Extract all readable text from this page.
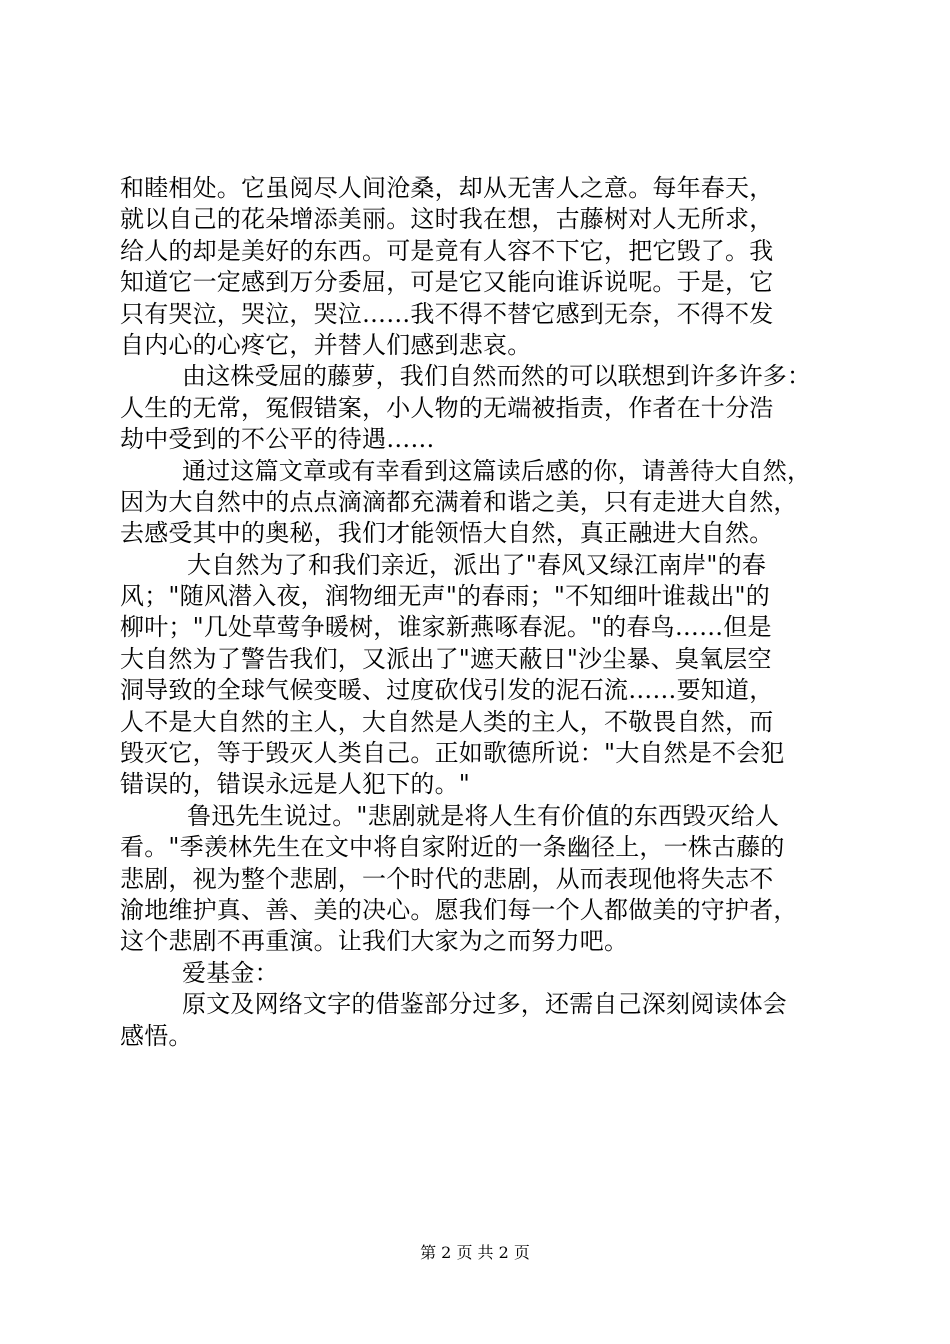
和睦相处。它虽阅尽人间沧桑，却从无害人之意。每年春天，
就以自己的花朵增添美丽。这时我在想，古藤树对人无所求，
给人的却是美好的东西。可是竟有人容不下它，把它毁了。我
知道它一定感到万分委屈，可是它又能向谁诉说呢。于是，它
只有哭泣，哭泣，哭泣……我不得不替它感到无奈，不得不发
自内心的心疼它，并替人们感到悲哀。
由这株受屈的藤萝，我们自然而然的可以联想到许多许多：
人生的无常，冤假错案，小人物的无端被指责，作者在十分浩
劫中受到的不公平的待遇……
通过这篇文章或有幸看到这篇读后感的你，请善待大自然，
因为大自然中的点点滴滴都充满着和谐之美，只有走进大自然，
去感受其中的奥秘，我们才能领悟大自然，真正融进大自然。
大自然为了和我们亲近，派出了"春风又绿江南岸"的春
风；"随风潜入夜，润物细无声"的春雨；"不知细叶谁裁出"的
柳叶；"几处草莺争暖树，谁家新燕啄春泥。"的春鸟……但是
大自然为了警告我们，又派出了"遮天蔽日"沙尘暴、臭氧层空
洞导致的全球气候变暖、过度砍伐引发的泥石流……要知道，
人不是大自然的主人，大自然是人类的主人，不敬畏自然，而
毁灭它，等于毁灭人类自己。正如歌德所说："大自然是不会犯
错误的，错误永远是人犯下的。"
鲁迅先生说过。"悲剧就是将人生有价值的东西毁灭给人
看。"季羡林先生在文中将自家附近的一条幽径上，一株古藤的
悲剧，视为整个悲剧，一个时代的悲剧，从而表现他将失志不
渝地维护真、善、美的决心。愿我们每一个人都做美的守护者，
这个悲剧不再重演。让我们大家为之而努力吧。
爱基金：
原文及网络文字的借鉴部分过多，还需自己深刻阅读体会
感悟。
第 2 页 共 2 页
